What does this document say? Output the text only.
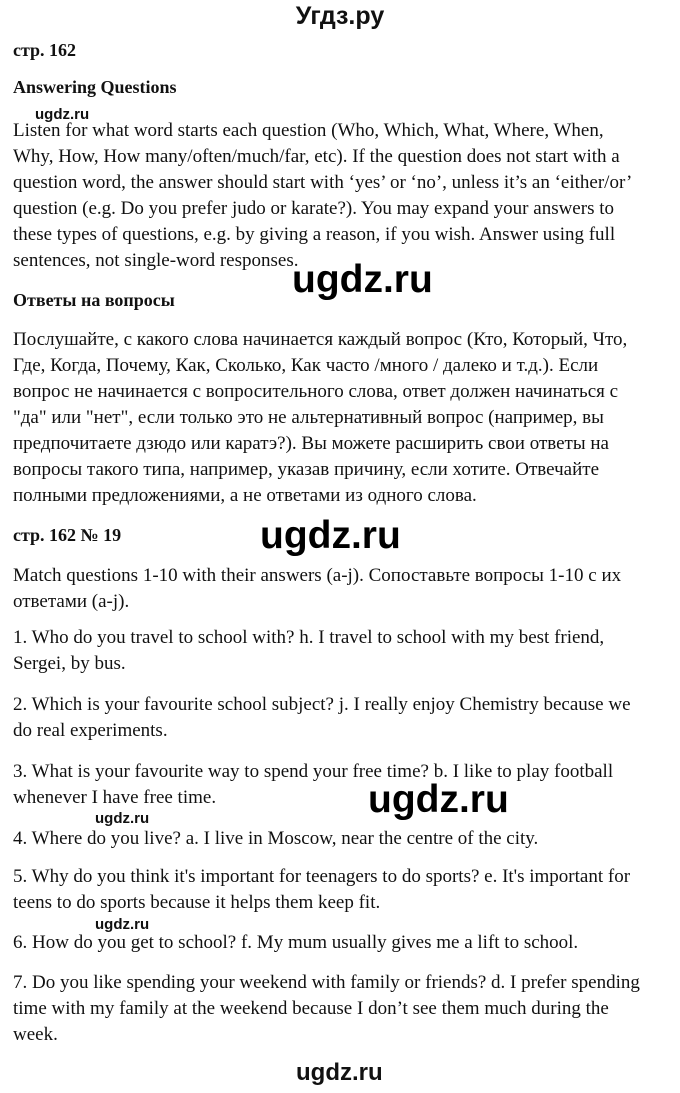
Угдз.ру
стр. 162
Answering Questions
ugdz.ru

Listen for what word starts each question (Who, Which, What, Where, When,
Why, How, How many/often/much/far, etc). If the question does not start with a
question word, the answer should start with ‘yes’ or ‘no’, unless it’s an ‘either/or’
question (e.g. Do you prefer judo or karate?). You may expand your answers to
these types of questions, e.g. by giving a reason, if you wish. Answer using full
sentences, not single-word responses.

ugdz.ru
Ответы на вопросы

Послушайте, с какого слова начинается каждый вопрос (Кто, Который, Что,
Где, Когда, Почему, Как, Сколько, Как часто /много / далеко и т.д.). Если
вопрос не начинается с вопросительного слова, ответ должен начинаться с
"да" или "нет", если только это не альтернативный вопрос (например, вы
предпочитаете дзюдо или каратэ?). Вы можете расширить свои ответы на
вопросы такого типа, например, указав причину, если хотите. Отвечайте
полными предложениями, а не ответами из одного слова.

стр. 162 № 19	ugdz.ru

Match questions 1-10 with their answers (a-j). Сопоставьте вопросы 1-10 с их
ответами (a-j).

1. Who do you travel to school with? h. I travel to school with my best friend,
Sergei, by bus.

2. Which is your favourite school subject? j. I really enjoy Chemistry because we
do real experiments.

3. What is your favourite way to spend your free time? b. I like to play football
whenever I have free time.	ugdz.ru
ugdz.ru

4. Where do you live? a. I live in Moscow, near the centre of the city.

5. Why do you think it's important for teenagers to do sports? e. It's important for
teens to do sports because it helps them keep fit.

ugdz.ru

6. How do you get to school? f. My mum usually gives me a lift to school.

7. Do you like spending your weekend with family or friends? d. I prefer spending
time with my family at the weekend because I don’t see them much during the
week.

ugdz.ru
